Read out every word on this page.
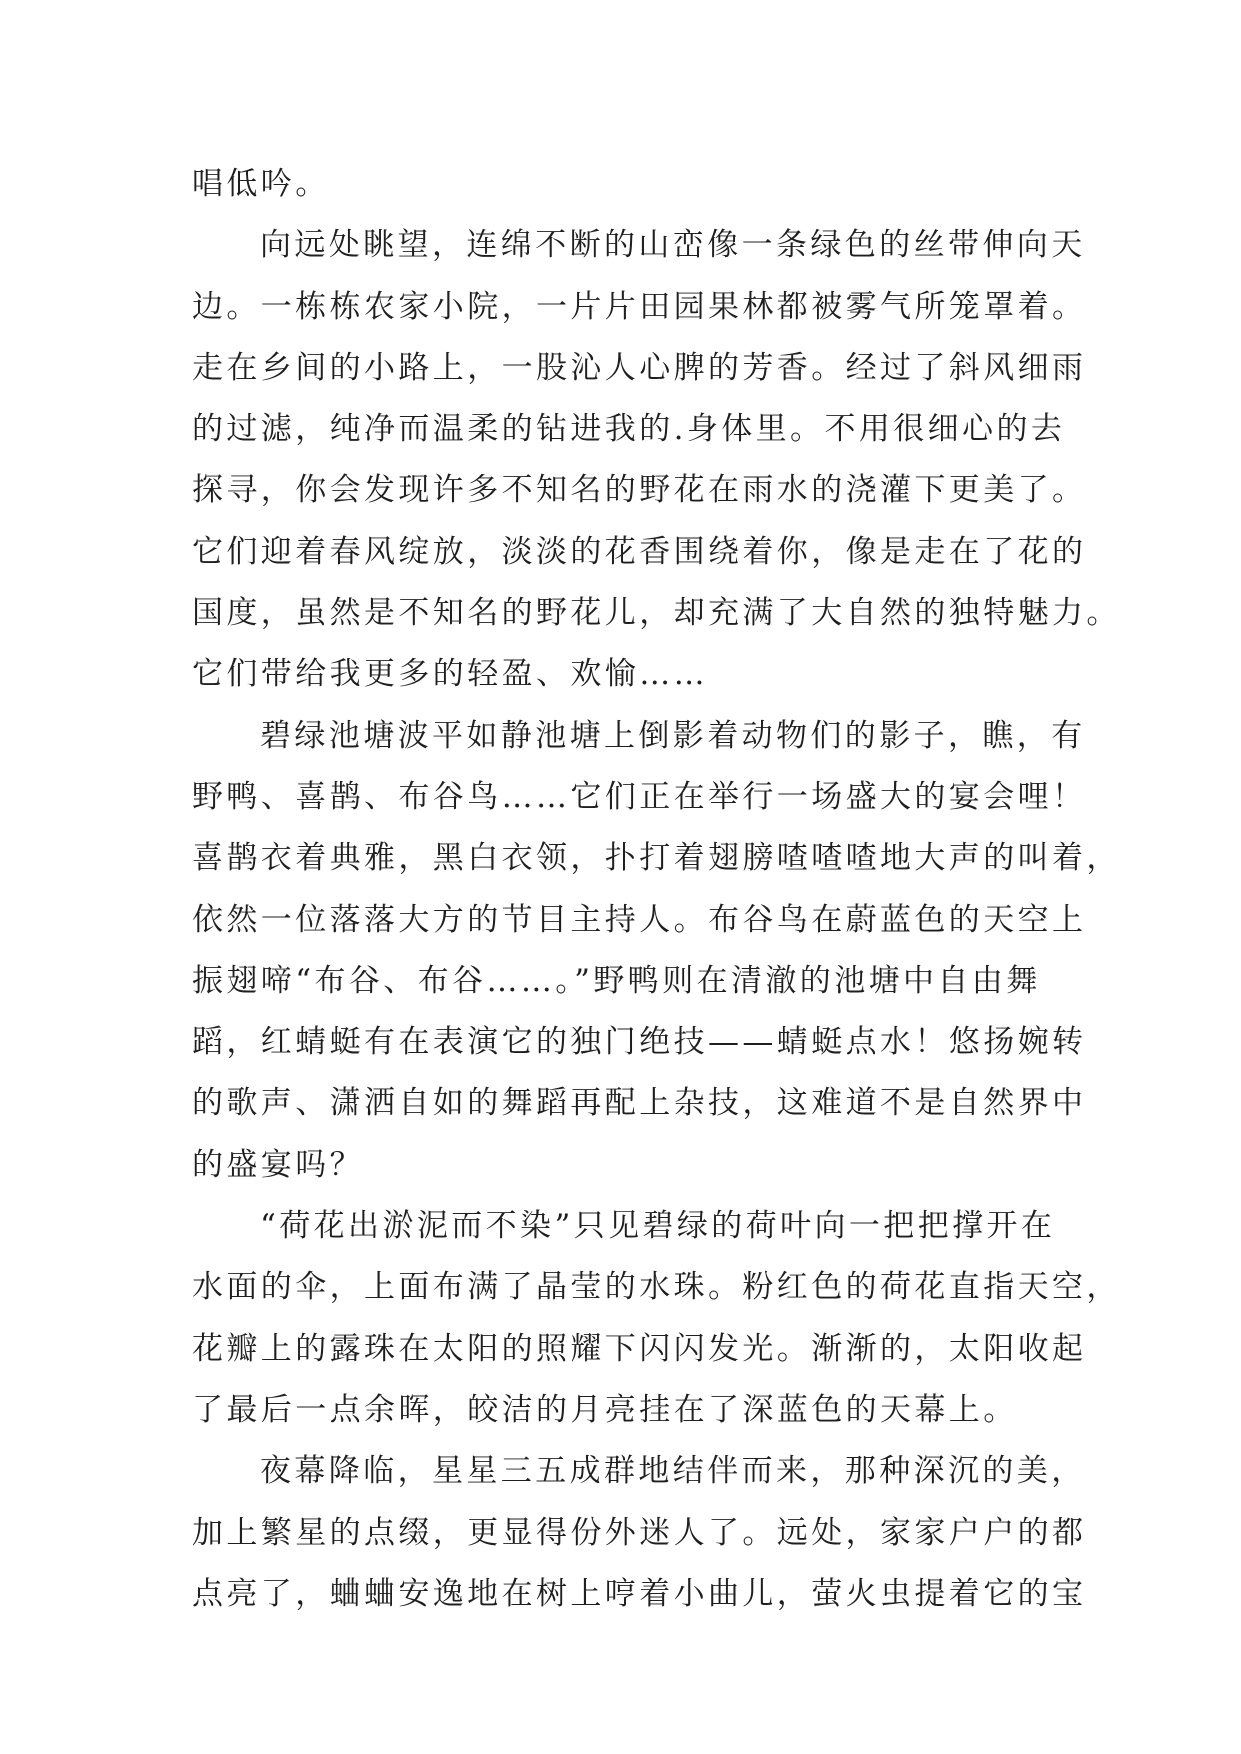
唱低吟。
向远处眺望，连绵不断的山峦像一条绿色的丝带伸向天
边。一栋栋农家小院，一片片田园果林都被雾气所笼罩着。
走在乡间的小路上，一股沁人心脾的芳香。经过了斜风细雨
的过滤，纯净而温柔的钻进我的.身体里。不用很细心的去
探寻，你会发现许多不知名的野花在雨水的浇灌下更美了。
它们迎着春风绽放，淡淡的花香围绕着你，像是走在了花的
国度，虽然是不知名的野花儿，却充满了大自然的独特魅力。
它们带给我更多的轻盈、欢愉……
碧绿池塘波平如静池塘上倒影着动物们的影子，瞧，有
野鸭、喜鹊、布谷鸟……它们正在举行一场盛大的宴会哩！
喜鹊衣着典雅，黑白衣领，扑打着翅膀喳喳喳地大声的叫着，
依然一位落落大方的节目主持人。布谷鸟在蔚蓝色的天空上
振翅啼“布谷、布谷……。”野鸭则在清澈的池塘中自由舞
蹈，红蜻蜓有在表演它的独门绝技——蜻蜓点水！悠扬婉转
的歌声、潇洒自如的舞蹈再配上杂技，这难道不是自然界中
的盛宴吗？
“荷花出淤泥而不染”只见碧绿的荷叶向一把把撑开在
水面的伞，上面布满了晶莹的水珠。粉红色的荷花直指天空，
花瓣上的露珠在太阳的照耀下闪闪发光。渐渐的，太阳收起
了最后一点余晖，皎洁的月亮挂在了深蓝色的天幕上。
夜幕降临，星星三五成群地结伴而来，那种深沉的美，
加上繁星的点缀，更显得份外迷人了。远处，家家户户的都
点亮了，蛐蛐安逸地在树上哼着小曲儿，萤火虫提着它的宝
